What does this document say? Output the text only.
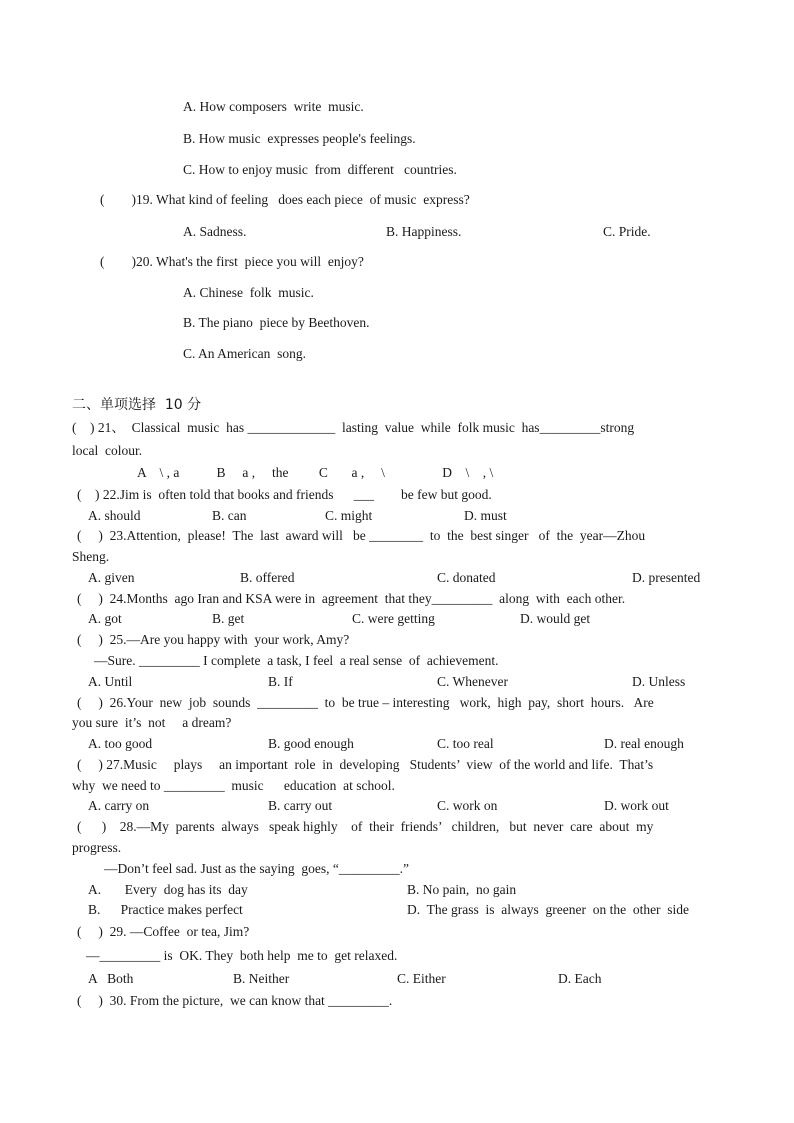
A. How composers  write  music.
B. How music  expresses people's feelings.
C. How to enjoy music  from  different   countries.
(        )19. What kind of feeling   does each piece  of music  express?
A. Sadness.	B. Happiness.	C. Pride.
(        )20. What's the first  piece you will  enjoy?
A. Chinese  folk  music.
B. The piano  piece by Beethoven.
C. An American  song.
二、单项选择  10 分
(    ) 21、  Classical  music  has _____________  lasting  value  while  folk music  has_________strong
local  colour.
A    \ , a           B     a ,     the         C       a ,     \                 D    \    , \
(    ) 22.Jim is  often told that books and friends      ___        be few but good.
A. should	B. can	C. might	D. must
(     )  23.Attention,  please!  The  last  award will   be ________  to  the  best singer   of  the  year—Zhou
Sheng.
A. given	B. offered	C. donated	D. presented
(     )  24.Months  ago Iran and KSA were in  agreement  that they_________  along  with  each other.
A. got	B. get	C. were getting	D. would get
(     )  25.—Are you happy with  your work, Amy?
—Sure. _________ I complete  a task, I feel  a real sense  of  achievement.
A. Until	B. If	C. Whenever	D. Unless
(     )  26.Your  new  job  sounds  _________  to  be true – interesting   work,  high  pay,  short  hours.   Are
you sure  it’s  not     a dream?
A. too good	B. good enough	C. too real	D. real enough
(     ) 27.Music     plays     an important  role  in  developing   Students’  view  of the world and life.  That’s
why  we need to _________  music      education  at school.
A. carry on	B. carry out	C. work on	D. work out
(      )    28.—My  parents  always   speak highly    of  their  friends’   children,   but  never  care  about  my
progress.
—Don’t feel sad. Just as the saying  goes, “_________.”
A.       Every  dog has its  day	B. No pain,  no gain
B.      Practice makes perfect	D.  The grass  is  always  greener  on the  other  side
(     )  29. —Coffee  or tea, Jim?
—_________ is  OK. They  both help  me to  get relaxed.
A   Both	B. Neither	C. Either	D. Each
(     )  30. From the picture,  we can know that _________.
